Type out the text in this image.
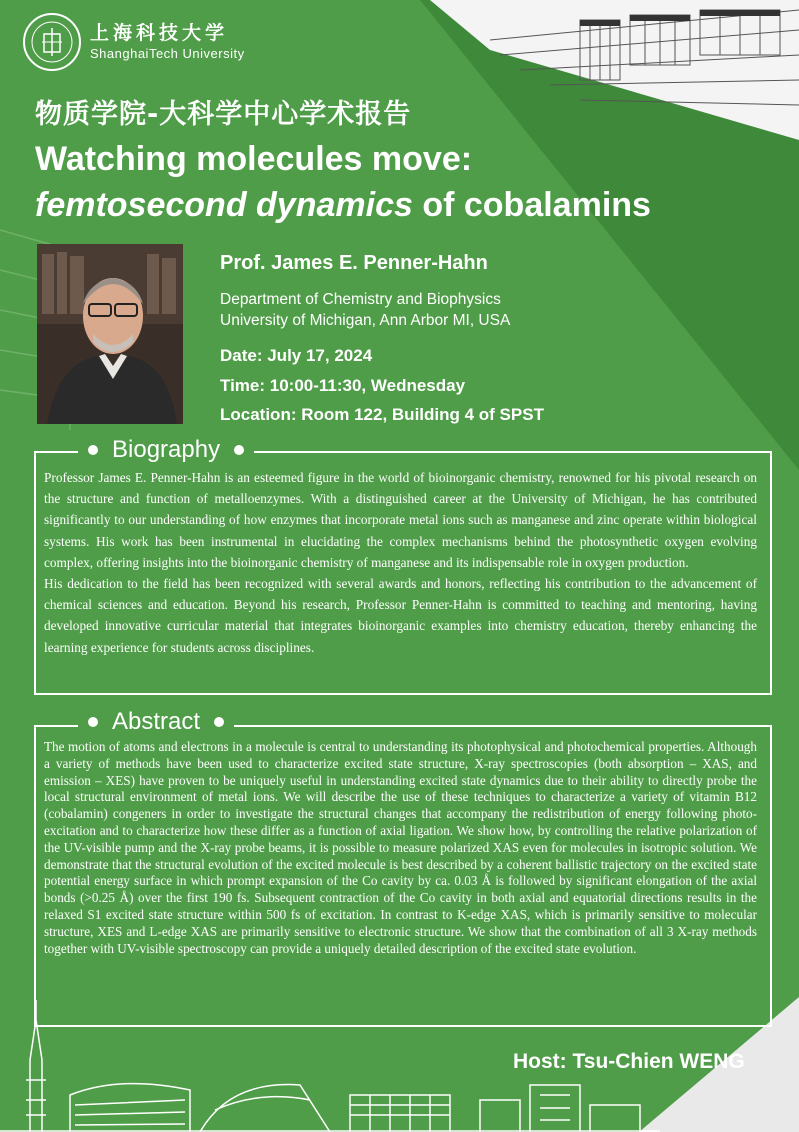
上海科技大学
ShanghaiTech University
物质学院-大科学中心学术报告
Watching molecules move:
femtosecond dynamics of cobalamins
Prof. James E. Penner-Hahn
Department of Chemistry and Biophysics
University of Michigan, Ann Arbor MI, USA
Date: July 17, 2024
Time: 10:00-11:30, Wednesday
Location: Room 122, Building 4 of SPST
Biography

Professor James E. Penner-Hahn is an esteemed figure in the world of bioinorganic chemistry, renowned for his pivotal research on the structure and function of metalloenzymes. With a distinguished career at the University of Michigan, he has contributed significantly to our understanding of how enzymes that incorporate metal ions such as manganese and zinc operate within biological systems. His work has been instrumental in elucidating the complex mechanisms behind the photosynthetic oxygen evolving complex, offering insights into the bioinorganic chemistry of manganese and its indispensable role in oxygen production.

His dedication to the field has been recognized with several awards and honors, reflecting his contribution to the advancement of chemical sciences and education. Beyond his research, Professor Penner-Hahn is committed to teaching and mentoring, having developed innovative curricular material that integrates bioinorganic examples into chemistry education, thereby enhancing the learning experience for students across disciplines.

Abstract
The motion of atoms and electrons in a molecule is central to understanding its photophysical and photochemical properties. Although a variety of methods have been used to characterize excited state structure, X-ray spectroscopies (both absorption – XAS, and emission – XES) have proven to be uniquely useful in understanding excited state dynamics due to their ability to directly probe the local structural environment of metal ions. We will describe the use of these techniques to characterize a variety of vitamin B12 (cobalamin) congeners in order to investigate the structural changes that accompany the redistribution of energy following photo-excitation and to characterize how these differ as a function of axial ligation. We show how, by controlling the relative polarization of the UV-visible pump and the X-ray probe beams, it is possible to measure polarized XAS even for molecules in isotropic solution. We demonstrate that the structural evolution of the excited molecule is best described by a coherent ballistic trajectory on the excited state potential energy surface in which prompt expansion of the Co cavity by ca. 0.03 Å is followed by significant elongation of the axial bonds (>0.25 Å) over the first 190 fs. Subsequent contraction of the Co cavity in both axial and equatorial directions results in the relaxed S1 excited state structure within 500 fs of excitation. In contrast to K-edge XAS, which is primarily sensitive to molecular structure, XES and L-edge XAS are primarily sensitive to electronic structure. We show that the combination of all 3 X-ray methods together with UV-visible spectroscopy can provide a uniquely detailed description of the excited state evolution.
Host: Tsu-Chien WENG
